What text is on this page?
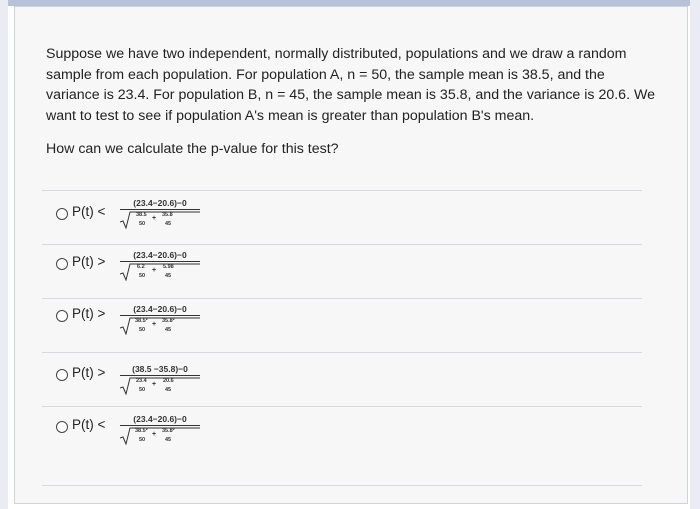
Suppose we have two independent, normally distributed, populations and we draw a random sample from each population. For population A, n = 50, the sample mean is 38.5, and the variance is 23.4. For population B, n = 45, the sample mean is 35.8, and the variance is 20.6. We want to test to see if population A's mean is greater than population B's mean.
How can we calculate the p-value for this test?
P(t) <
(23.4−20.6)−0
38.5
50
+ 35.8
45
P(t) >	(23.4−20.6)−0
6.2
50
+ 5.98
45
P(t) >	(23.4−20.6)−0
38.5²
50
+ 35.8²
45
P(t) >	(38.5 −35.8)−0
23.4
50
+ 20.6
45
P(t) <	(23.4−20.6)−0
38.5²
50
+ 35.8²
45
